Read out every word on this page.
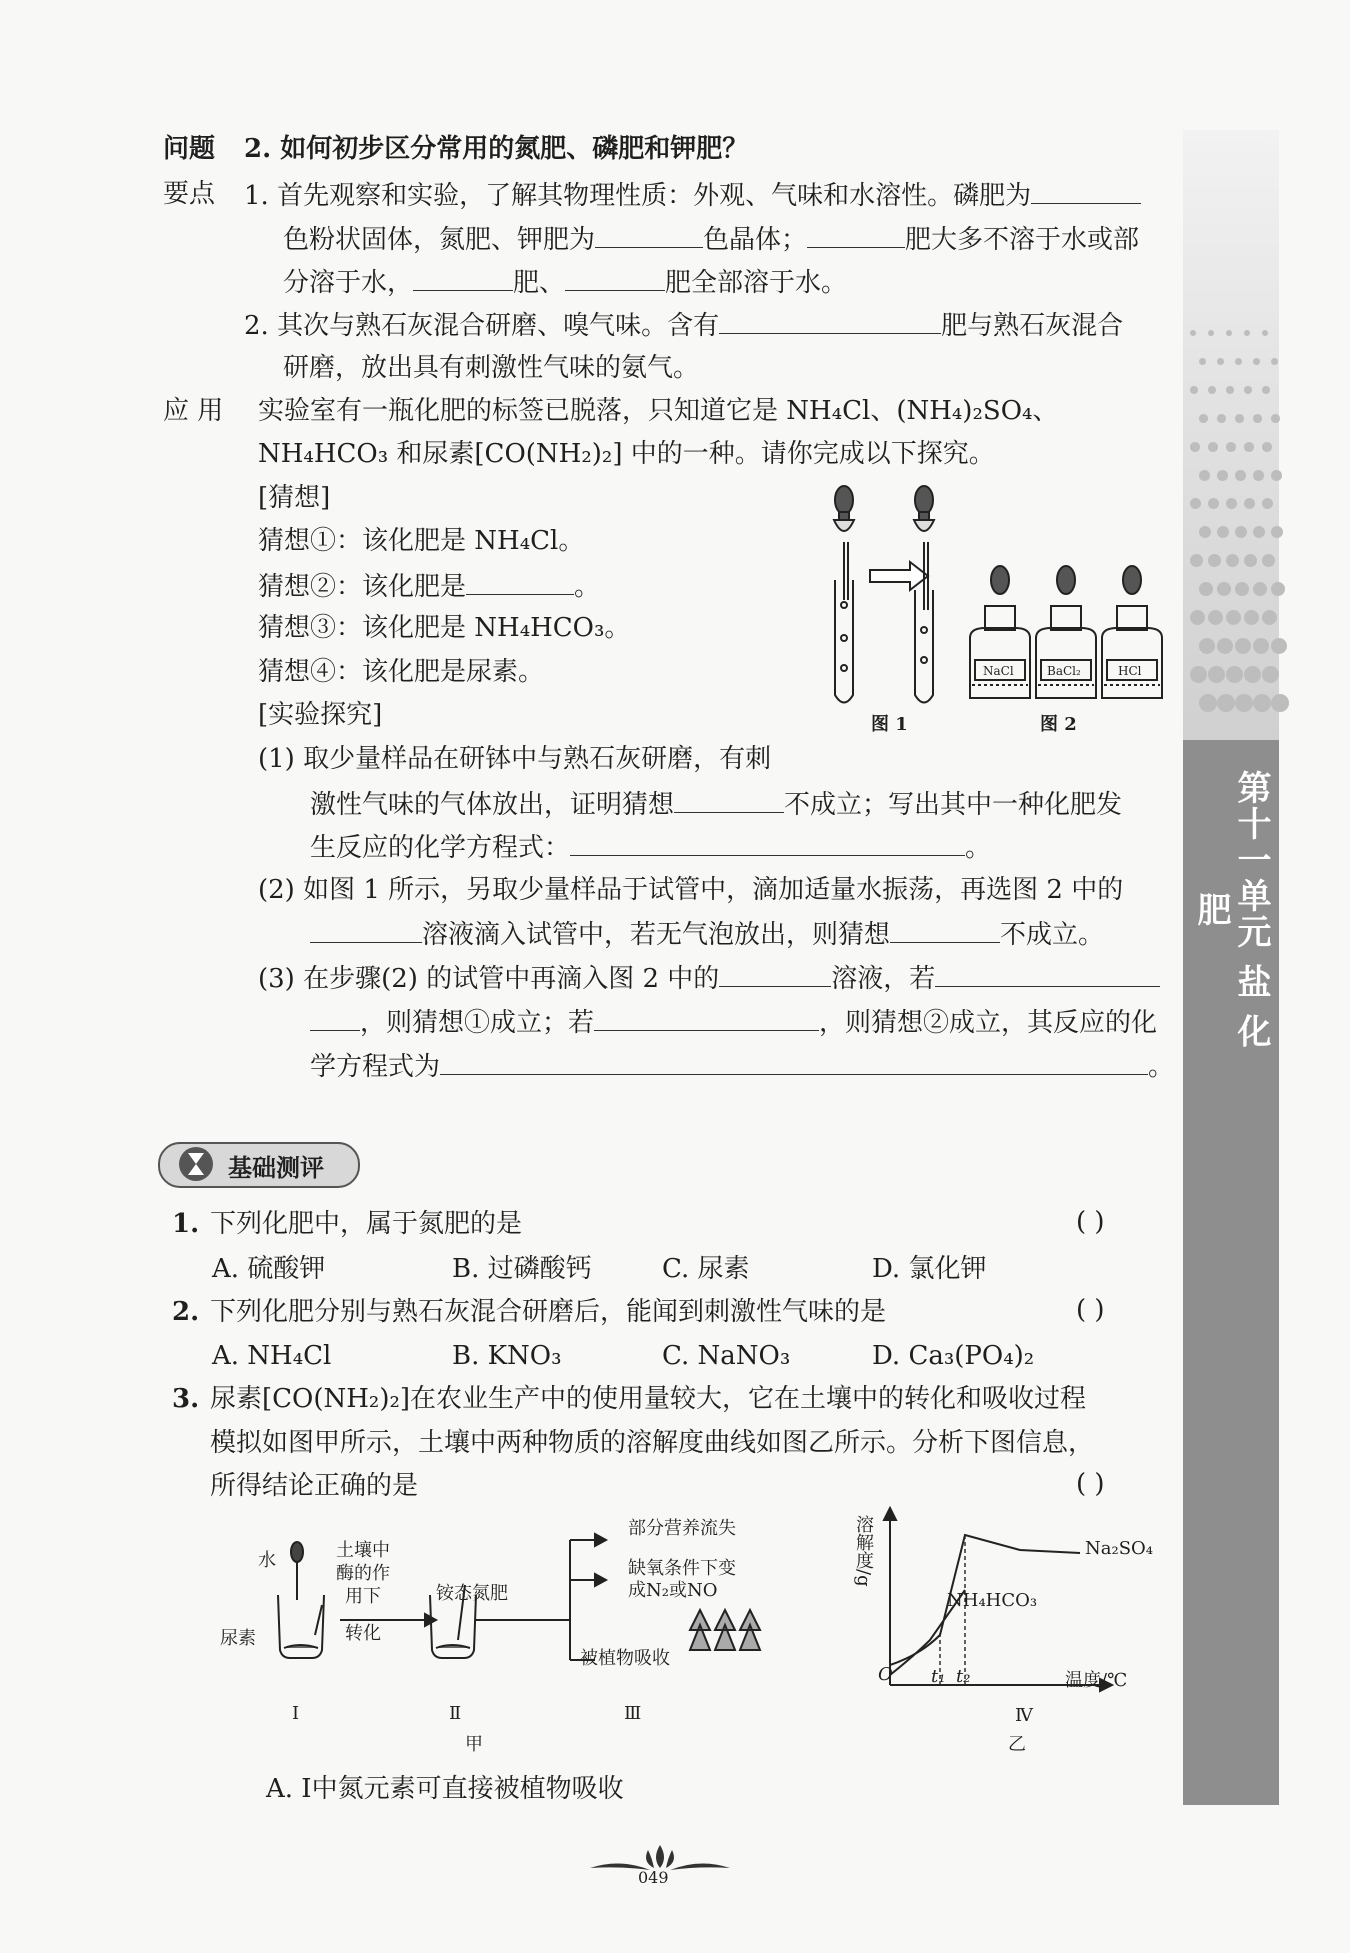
第十一单元 盐 化肥
问题 2. 如何初步区分常用的氮肥、磷肥和钾肥？
要点 1. 首先观察和实验，了解其物理性质：外观、气味和水溶性。磷肥为
色粉状固体，氮肥、钾肥为	色晶体；	肥大多不溶于水或部
分溶于水，	肥、	肥全部溶于水。
2. 其次与熟石灰混合研磨、嗅气味。含有	肥与熟石灰混合
研磨，放出具有刺激性气味的氨气。
应 用 实验室有一瓶化肥的标签已脱落，只知道它是 NH₄Cl、(NH₄)₂SO₄、
NH₄HCO₃ 和尿素[CO(NH₂)₂] 中的一种。请你完成以下探究。
[猜想]
猜想①：该化肥是 NH₄Cl。
猜想②：该化肥是	。
猜想③：该化肥是 NH₄HCO₃。
猜想④：该化肥是尿素。
[实验探究]
(1) 取少量样品在研钵中与熟石灰研磨，有刺
激性气味的气体放出，证明猜想	不成立；写出其中一种化肥发
生反应的化学方程式：	。
(2) 如图 1 所示，另取少量样品于试管中，滴加适量水振荡，再选图 2 中的
溶液滴入试管中，若无气泡放出，则猜想	不成立。
(3) 在步骤(2) 的试管中再滴入图 2 中的	溶液，若
，则猜想①成立；若	，则猜想②成立，其反应的化
学方程式为	。
NaCl	BaCl₂	HCl
图 1	图 2
基础测评
1. 下列化肥中，属于氮肥的是	( )
A. 硫酸钾	B. 过磷酸钙	C. 尿素	D. 氯化钾
2. 下列化肥分别与熟石灰混合研磨后，能闻到刺激性气味的是	( )
A. NH₄Cl	B. KNO₃	C. NaNO₃	D. Ca₃(PO₄)₂
3. 尿素[CO(NH₂)₂]在农业生产中的使用量较大，它在土壤中的转化和吸收过程
模拟如图甲所示，土壤中两种物质的溶解度曲线如图乙所示。分析下图信息，
所得结论正确的是	( )
水
尿素
土壤中
酶的作
用下
转化
铵态氮肥
部分营养流失
缺氧条件下变
成N₂或NO
被植物吸收
Ⅰ	Ⅱ	Ⅲ
甲
溶解度/g
温度/℃
O t₁ t₂
Na₂SO₄
NH₄HCO₃
Ⅳ
乙
A. Ⅰ中氮元素可直接被植物吸收
049
